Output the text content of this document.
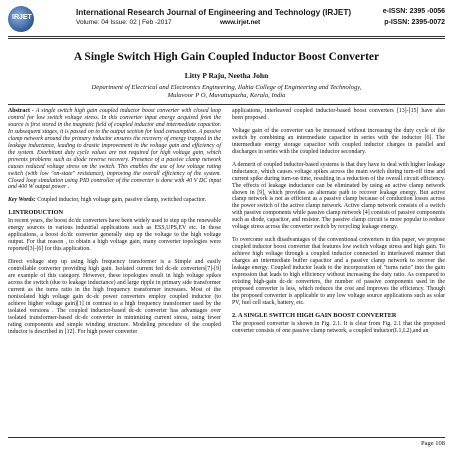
IRJET
International Research Journal of Engineering and Technology (IRJET)	e-ISSN: 2395 -0056
Volume: 04 Issue: 02 | Feb -2017	www.irjet.net	p-ISSN: 2395-0072
A Single Switch High Gain Coupled Inductor Boost Converter
Litty P Raju, Neetha John
Department of Electrical and Electronics Engineering, Ilahia College of Engineering and Technology,
Mulavoor P O, Muvattupuzha, Kerala, India

Abstract - A single switch high gain coupled inductor boost converter with closed loop control for low switch voltage stress. In this converter input energy acquired from the source is first stored in the magnetic field of coupled inductor and intermediate capacitor. In subsequent stages, it is passed on to the output section for load consumption. A passive clamp network around the primary inductor ensures the recovery of energy trapped in the leakage inductance, leading to drastic improvement in the voltage gain and efficiency of the system. Exorbitant duty cycle values are not required for high voltage gain, which prevents problems such as diode reverse recovery. Presence of a passive clamp network causes reduced voltage stress on the switch. This enables the use of low voltage rating switch (with low "on-state" resistance), improving the overall efficiency of the system. Closed loop simulation using PID controller of the converter is done with 40 V DC input and 400 W output power .

Key Words: Coupled inductor, high voltage gain, passive clamp, switched capacitor.

1.INTRODUCTION

In recent years, the boost dc/dc converters have been widely used to step up the renewable energy sources in various industrial applications such as ESS,UPS,EV etc. In those applications, a boost dc/dc converter generally step up the voltage to the high voltage output. For that reason , to obtain a high voltage gain, many converter topologies were reported[3]-[6] for this application.

Direct voltage step up using high frequency transformer is a Simple and easily controllable converter providing high gain. Isolated current fed dc-dc converters[7]-[9] are example of this category. However, these topologies result in high voltage spikes across the switch (due to leakage inductance) and large ripple in primary side transformer current as the turns ratio in the high frequency transformer increases. Most of the nonisolated high voltage gain dc-dc power converters employ coupled inductor (to achieve higher voltage gain)[1] in contrast to a high frequency transformer used by the isolated versions . The coupled inductor-based dc-dc converter has advantages over isolated transformer-based dc-dc converter in minimizing current stress, using fewer rating components and simple winding structure. Modeling procedure of the coupled inductor is described in [12]. For high power converter

applications, interleaved coupled inductor-based boost converters [13]-[15] have also been proposed .

Voltage gain of the converter can be increased without increasing the duty cycle of the switch by combining an intermediate capacitor in series with the inductor [6]. The intermediate energy storage capacitor with coupled inductor charges in parallel and discharges in series with the coupled inductor secondary.

A demerit of coupled inductor-based systems is that they have to deal with higher leakage inductance, which causes voltage spikes across the main switch during turn-off time and current spike during turn-on time, resulting in a reduction of the overall circuit efficiency. The effects of leakage inductance can be eliminated by using an active clamp network shown in [9], which provides an alternate path to recover leakage energy. But active clamp network is not as efficient as a passive clamp because of conduction losses across the power switch of the active clamp network. Active clamp network consists of a switch with passive components while passive clamp network [4] consists of passive components such as diode, capacitor, and resistor. The passive clamp circuit is more popular to reduce voltage stress across the converter switch by recycling leakage energy.

To overcome such disadvantages of the conventional converters in this paper, we propose coupled inductor boost converter that features low switch voltage stress and high gain. To achieve high voltage through a coupled inductor connected in interleaved manner that charges an intermediate buffer capacitor and a passive clamp network to recover the leakage energy. Coupled inductor leads to the incorporation of "turns ratio" into the gain expression that leads to high efficiency without increasing the duty ratio. As compared to existing high-gain dc-dc converters, the number of passive components used in the proposed converter is less, which reduces the cost and improves the efficiency. Though the proposed converter is applicable to any low voltage source applications such as solar PV, fuel cell stack, battery, etc.

2. A SINGLE SWITCH HIGH GAIN BOOST CONVERTER

The proposed converter is shown in Fig. 2.1. It is clear from Fig. 2.1 that the proposed converter consists of one passive clamp network, a coupled inductor(L1,L2),and an

Page 108
